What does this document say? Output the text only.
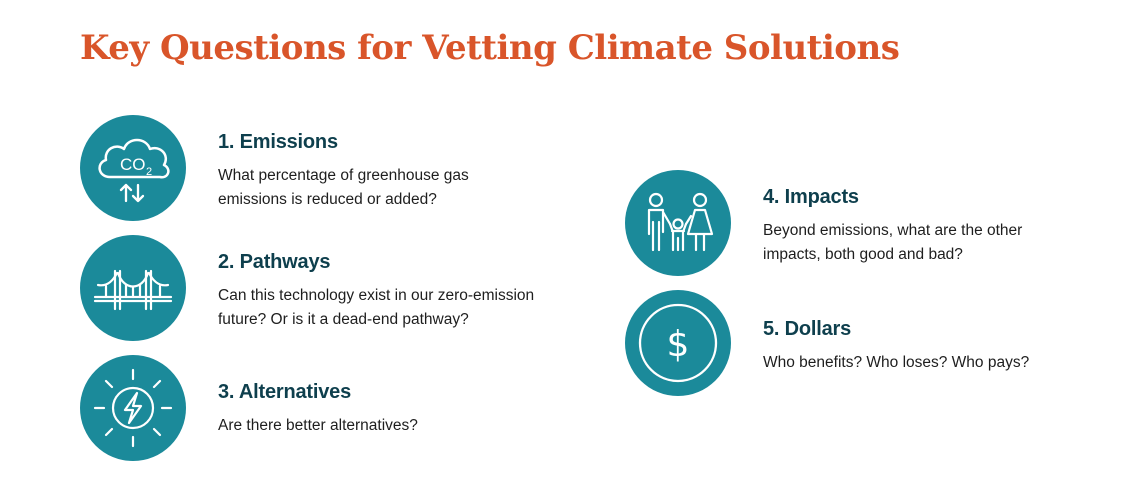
Key Questions for Vetting Climate Solutions
CO 2
1. Emissions

What percentage of greenhouse gas
emissions is reduced or added?

2. Pathways

Can this technology exist in our zero-emission
future? Or is it a dead-end pathway?

3. Alternatives

Are there better alternatives?

4. Impacts

Beyond emissions, what are the other
impacts, both good and bad?

$	5. Dollars

Who benefits? Who loses? Who pays?
